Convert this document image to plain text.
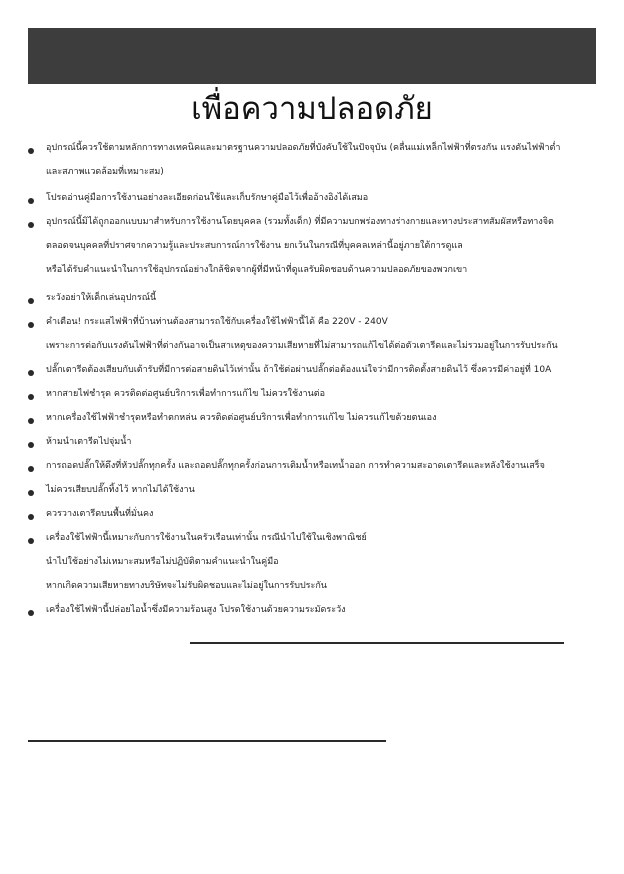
เพื่อความปลอดภัย
อุปกรณ์นี้ควรใช้ตามหลักการทางเทคนิคและมาตรฐานความปลอดภัยที่บังคับใช้ในปัจจุบัน (คลื่นแม่เหล็กไฟฟ้าที่ตรงกัน แรงดันไฟฟ้าต่ำ
และสภาพแวดล้อมที่เหมาะสม)
โปรดอ่านคู่มือการใช้งานอย่างละเอียดก่อนใช้และเก็บรักษาคู่มือไว้เพื่ออ้างอิงได้เสมอ
อุปกรณ์นี้มิได้ถูกออกแบบมาสำหรับการใช้งานโดยบุคคล (รวมทั้งเด็ก) ที่มีความบกพร่องทางร่างกายและทางประสาทสัมผัสหรือทางจิต
ตลอดจนบุคคลที่ปราศจากความรู้และประสบการณ์การใช้งาน ยกเว้นในกรณีที่บุคคลเหล่านี้อยู่ภายใต้การดูแล
หรือได้รับคำแนะนำในการใช้อุปกรณ์อย่างใกล้ชิดจากผู้ที่มีหน้าที่ดูแลรับผิดชอบด้านความปลอดภัยของพวกเขา
ระวังอย่าให้เด็กเล่นอุปกรณ์นี้
คำเตือน! กระแสไฟฟ้าที่บ้านท่านต้องสามารถใช้กับเครื่องใช้ไฟฟ้านี้ได้ คือ 220V - 240V
เพราะการต่อกับแรงดันไฟฟ้าที่ต่างกันอาจเป็นสาเหตุของความเสียหายที่ไม่สามารถแก้ไขได้ต่อตัวเตารีดและไม่รวมอยู่ในการรับประกัน
ปลั๊กเตารีดต้องเสียบกับเต้ารับที่มีการต่อสายดินไว้เท่านั้น ถ้าใช้ต่อผ่านปลั๊กต่อต้องแน่ใจว่ามีการติดตั้งสายดินไว้ ซึ่งควรมีค่าอยู่ที่ 10A
หากสายไฟชำรุด ควรติดต่อศูนย์บริการเพื่อทำการแก้ไข ไม่ควรใช้งานต่อ
หากเครื่องใช้ไฟฟ้าชำรุดหรือทำตกหล่น ควรติดต่อศูนย์บริการเพื่อทำการแก้ไข ไม่ควรแก้ไขด้วยตนเอง
ห้ามนำเตารีดไปจุ่มน้ำ
การถอดปลั๊กให้ดึงที่หัวปลั๊กทุกครั้ง และถอดปลั๊กทุกครั้งก่อนการเติมน้ำหรือเทน้ำออก การทำความสะอาดเตารีดและหลังใช้งานเสร็จ
ไม่ควรเสียบปลั๊กทิ้งไว้ หากไม่ได้ใช้งาน
ควรวางเตารีดบนพื้นที่มั่นคง
เครื่องใช้ไฟฟ้านี้เหมาะกับการใช้งานในครัวเรือนเท่านั้น กรณีนำไปใช้ในเชิงพาณิชย์
นำไปใช้อย่างไม่เหมาะสมหรือไม่ปฏิบัติตามคำแนะนำในคู่มือ
หากเกิดความเสียหายทางบริษัทจะไม่รับผิดชอบและไม่อยู่ในการรับประกัน
เครื่องใช้ไฟฟ้านี้ปล่อยไอน้ำซึ่งมีความร้อนสูง โปรดใช้งานด้วยความระมัดระวัง
